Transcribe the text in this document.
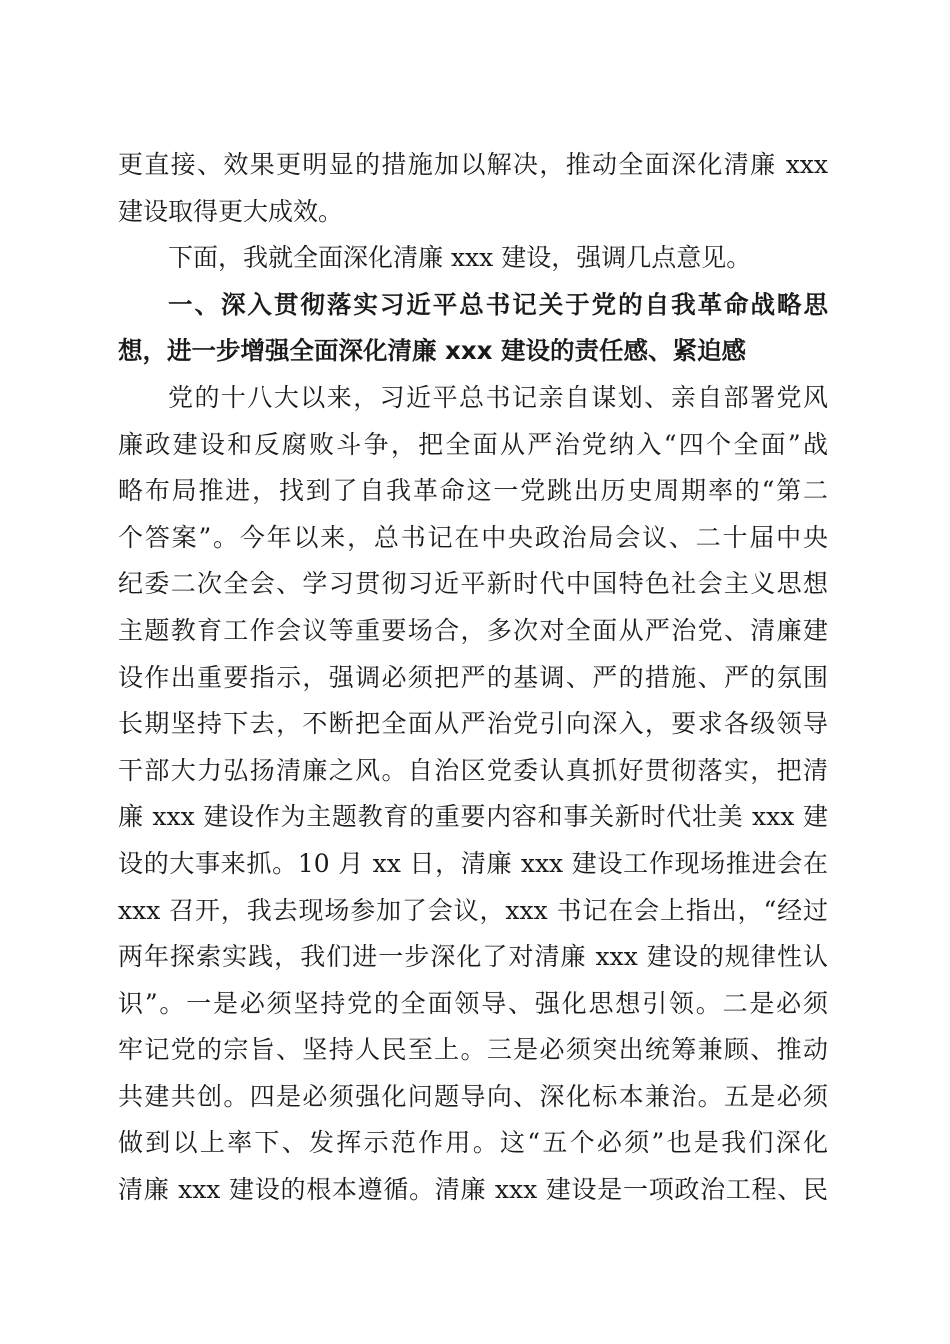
更直接、效果更明显的措施加以解决，推动全面深化清廉 xxx
建设取得更大成效。
下面，我就全面深化清廉 xxx 建设，强调几点意见。
一、深入贯彻落实习近平总书记关于党的自我革命战略思
想，进一步增强全面深化清廉 xxx 建设的责任感、紧迫感
党的十八大以来，习近平总书记亲自谋划、亲自部署党风
廉政建设和反腐败斗争，把全面从严治党纳入“四个全面”战
略布局推进，找到了自我革命这一党跳出历史周期率的“第二
个答案”。今年以来，总书记在中央政治局会议、二十届中央
纪委二次全会、学习贯彻习近平新时代中国特色社会主义思想
主题教育工作会议等重要场合，多次对全面从严治党、清廉建
设作出重要指示，强调必须把严的基调、严的措施、严的氛围
长期坚持下去，不断把全面从严治党引向深入，要求各级领导
干部大力弘扬清廉之风。自治区党委认真抓好贯彻落实，把清
廉 xxx 建设作为主题教育的重要内容和事关新时代壮美 xxx 建
设的大事来抓。10 月 xx 日，清廉 xxx 建设工作现场推进会在
xxx 召开，我去现场参加了会议，xxx 书记在会上指出，“经过
两年探索实践，我们进一步深化了对清廉 xxx 建设的规律性认
识”。一是必须坚持党的全面领导、强化思想引领。二是必须
牢记党的宗旨、坚持人民至上。三是必须突出统筹兼顾、推动
共建共创。四是必须强化问题导向、深化标本兼治。五是必须
做到以上率下、发挥示范作用。这“五个必须”也是我们深化
清廉 xxx 建设的根本遵循。清廉 xxx 建设是一项政治工程、民
